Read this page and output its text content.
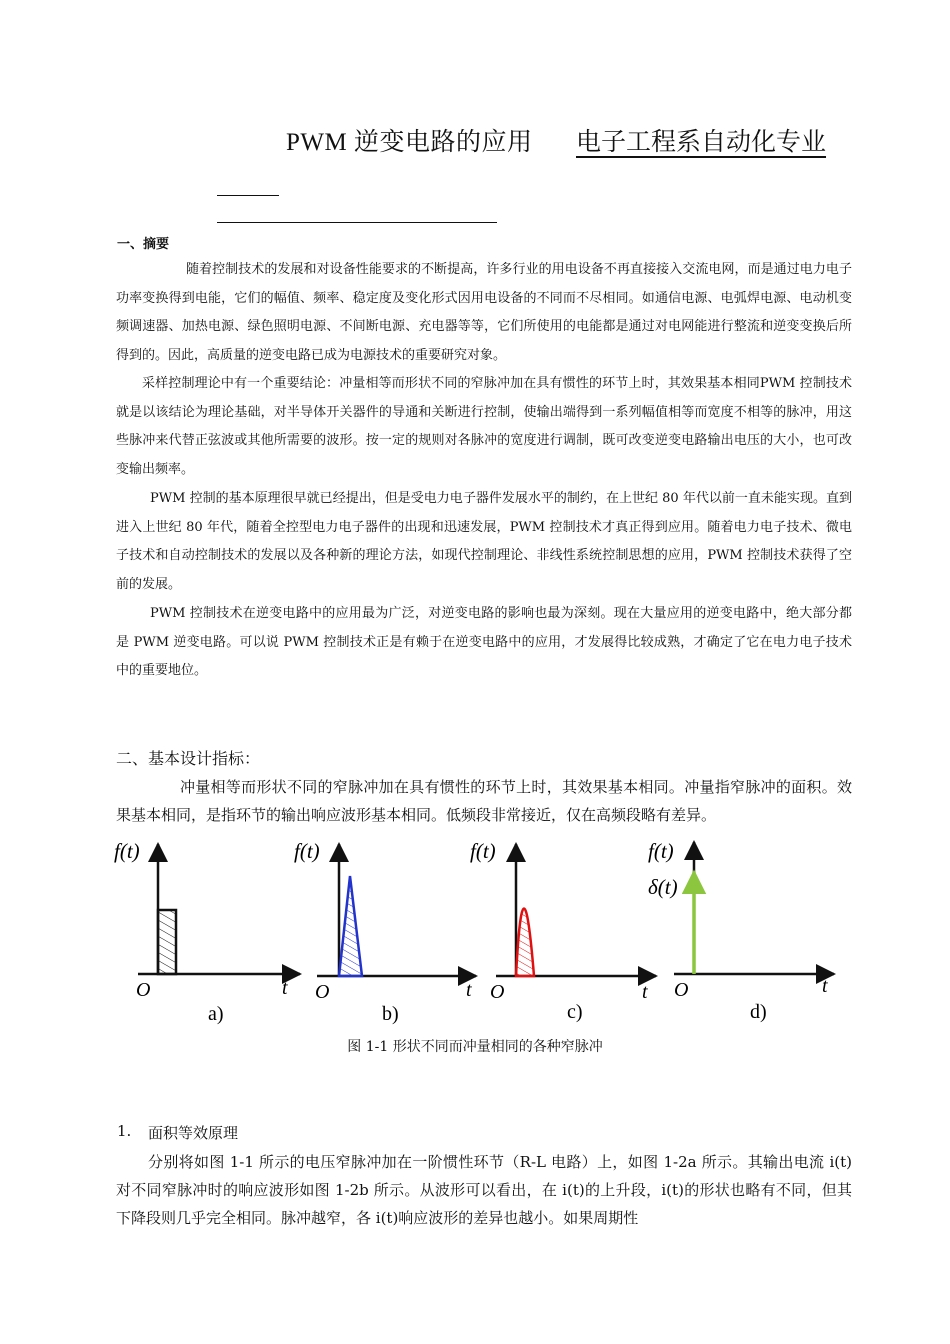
PWM 逆变电路的应用 电子工程系自动化专业
一、摘要
随着控制技术的发展和对设备性能要求的不断提高，许多行业的用电设备不再直接接入交流电网，而是通过电力电子功率变换得到电能，它们的幅值、频率、稳定度及变化形式因用电设备的不同而不尽相同。如通信电源、电弧焊电源、电动机变频调速器、加热电源、绿色照明电源、不间断电源、充电器等等，它们所使用的电能都是通过对电网能进行整流和逆变变换后所得到的。因此，高质量的逆变电路已成为电源技术的重要研究对象。
采样控制理论中有一个重要结论：冲量相等而形状不同的窄脉冲加在具有惯性的环节上时，其效果基本相同PWM 控制技术就是以该结论为理论基础，对半导体开关器件的导通和关断进行控制，使输出端得到一系列幅值相等而宽度不相等的脉冲，用这些脉冲来代替正弦波或其他所需要的波形。按一定的规则对各脉冲的宽度进行调制，既可改变逆变电路输出电压的大小，也可改变输出频率。
PWM 控制的基本原理很早就已经提出，但是受电力电子器件发展水平的制约，在上世纪 80 年代以前一直未能实现。直到进入上世纪 80 年代，随着全控型电力电子器件的出现和迅速发展，PWM 控制技术才真正得到应用。随着电力电子技术、微电子技术和自动控制技术的发展以及各种新的理论方法，如现代控制理论、非线性系统控制思想的应用，PWM 控制技术获得了空前的发展。
PWM 控制技术在逆变电路中的应用最为广泛，对逆变电路的影响也最为深刻。现在大量应用的逆变电路中，绝大部分都是 PWM 逆变电路。可以说 PWM 控制技术正是有赖于在逆变电路中的应用，才发展得比较成熟，才确定了它在电力电子技术中的重要地位。
二、基本设计指标：
冲量相等而形状不同的窄脉冲加在具有惯性的环节上时，其效果基本相同。冲量指窄脉冲的面积。效果基本相同，是指环节的输出响应波形基本相同。低频段非常接近，仅在高频段略有差异。
f(t)
O	t
a)
f(t)
O	t
b)
f(t)
O	t
c)
f(t)
δ(t)
O	t
d)
图 1-1 形状不同而冲量相同的各种窄脉冲
1. 面积等效原理
分别将如图 1-1 所示的电压窄脉冲加在一阶惯性环节（R-L 电路）上，如图 1-2a 所示。其输出电流 i(t)对不同窄脉冲时的响应波形如图 1-2b 所示。从波形可以看出，在 i(t)的上升段，i(t)的形状也略有不同，但其下降段则几乎完全相同。脉冲越窄，各 i(t)响应波形的差异也越小。如果周期性
